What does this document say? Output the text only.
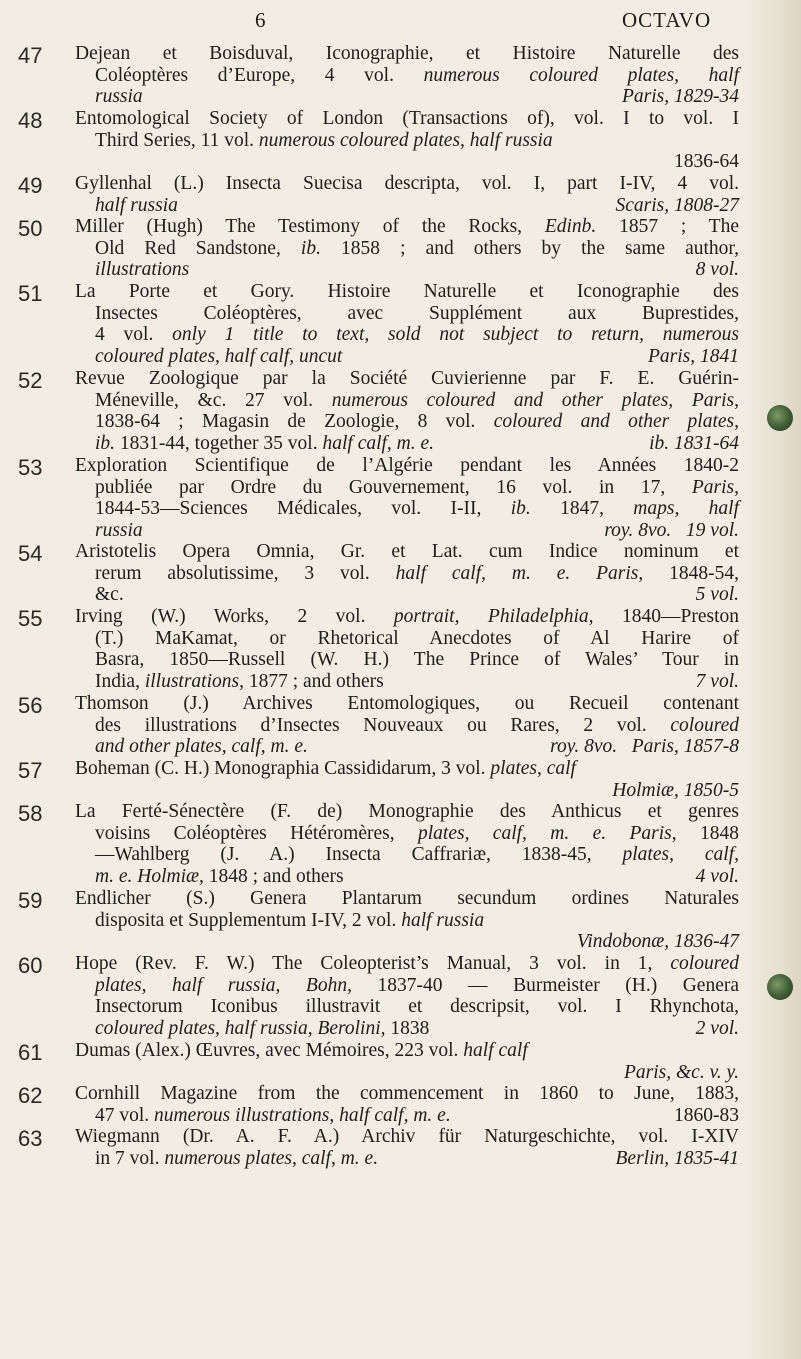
6	OCTAVO
47	Dejean et Boisduval, Iconographie, et Histoire Naturelle des

Coléoptères d’Europe, 4 vol. numerous coloured plates, half

russia	Paris, 1829-34

48	Entomological Society of London (Transactions of), vol. I to vol. I

Third Series, 11 vol. numerous coloured plates, half russia

1836-64

49	Gyllenhal (L.) Insecta Suecisa descripta, vol. I, part I-IV, 4 vol.

half russia	Scaris, 1808-27

50	Miller (Hugh) The Testimony of the Rocks, Edinb. 1857 ; The

Old Red Sandstone, ib. 1858 ; and others by the same author,

illustrations	8 vol.

51	La Porte et Gory. Histoire Naturelle et Iconographie des

Insectes Coléoptères, avec Supplément aux Buprestides,

4 vol. only 1 title to text, sold not subject to return, numerous

coloured plates, half calf, uncut	Paris, 1841

52	Revue Zoologique par la Société Cuvierienne par F. E. Guérin-

Méneville, &c. 27 vol. numerous coloured and other plates, Paris,

1838-64 ; Magasin de Zoologie, 8 vol. coloured and other plates,

ib. 1831-44, together 35 vol. half calf, m. e.	ib. 1831-64

53	Exploration Scientifique de l’Algérie pendant les Années 1840-2

publiée par Ordre du Gouvernement, 16 vol. in 17, Paris,

1844-53—Sciences Médicales, vol. I-II, ib. 1847, maps, half

russia	roy. 8vo. 19 vol.

54	Aristotelis Opera Omnia, Gr. et Lat. cum Indice nominum et

rerum absolutissime, 3 vol. half calf, m. e. Paris, 1848-54,

&c.	5 vol.

55	Irving (W.) Works, 2 vol. portrait, Philadelphia, 1840—Preston

(T.) MaKamat, or Rhetorical Anecdotes of Al Harire of

Basra, 1850—Russell (W. H.) The Prince of Wales’ Tour in

India, illustrations, 1877 ; and others	7 vol.

56	Thomson (J.) Archives Entomologiques, ou Recueil contenant

des illustrations d’Insectes Nouveaux ou Rares, 2 vol. coloured

and other plates, calf, m. e.	roy. 8vo. Paris, 1857-8

57	Boheman (C. H.) Monographia Cassididarum, 3 vol. plates, calf

Holmiæ, 1850-5

58	La Ferté-Sénectère (F. de) Monographie des Anthicus et genres

voisins Coléoptères Hétéromères, plates, calf, m. e. Paris, 1848

—Wahlberg (J. A.) Insecta Caffrariæ, 1838-45, plates, calf,

m. e. Holmiæ, 1848 ; and others	4 vol.

59	Endlicher (S.) Genera Plantarum secundum ordines Naturales

disposita et Supplementum I-IV, 2 vol. half russia

Vindobonæ, 1836-47

60	Hope (Rev. F. W.) The Coleopterist’s Manual, 3 vol. in 1, coloured

plates, half russia, Bohn, 1837-40 — Burmeister (H.) Genera

Insectorum Iconibus illustravit et descripsit, vol. I Rhynchota,

coloured plates, half russia, Berolini, 1838	2 vol.

61	Dumas (Alex.) Œuvres, avec Mémoires, 223 vol. half calf

Paris, &c. v. y.

62	Cornhill Magazine from the commencement in 1860 to June, 1883,

47 vol. numerous illustrations, half calf, m. e.	1860-83

63	Wiegmann (Dr. A. F. A.) Archiv für Naturgeschichte, vol. I-XIV

in 7 vol. numerous plates, calf, m. e.	Berlin, 1835-41
